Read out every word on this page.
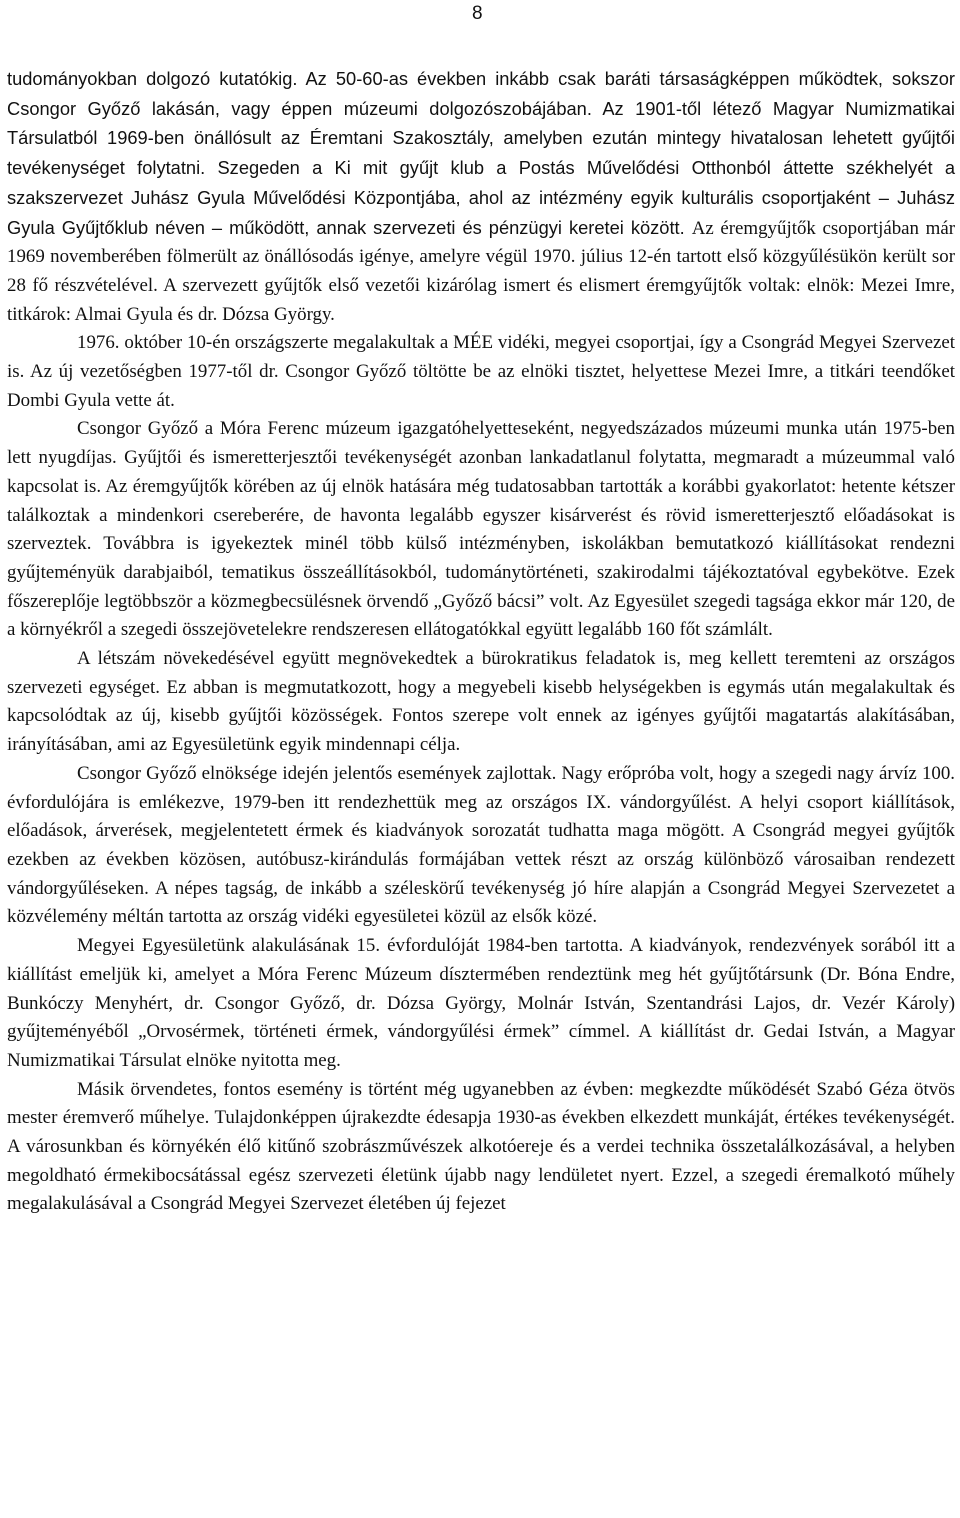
8

tudományokban dolgozó kutatókig. Az 50-60-as években inkább csak baráti társaságképpen működtek, sokszor Csongor Győző lakásán, vagy éppen múzeumi dolgozószobájában. Az 1901-től létező Magyar Numizmatikai Társulatból 1969-ben önállósult az Éremtani Szakosztály, amelyben ezután mintegy hivatalosan lehetett gyűjtői tevékenységet folytatni. Szegeden a Ki mit gyűjt klub a Postás Művelődési Otthonból áttette székhelyét a szakszervezet Juhász Gyula Művelődési Központjába, ahol az intézmény egyik kulturális csoportjaként – Juhász Gyula Gyűjtőklub néven – működött, annak szervezeti és pénzügyi keretei között. Az éremgyűjtők csoportjában már 1969 novemberében fölmerült az önállósodás igénye, amelyre végül 1970. július 12-én tartott első közgyűlésükön került sor 28 fő részvételével. A szervezett gyűjtők első vezetői kizárólag ismert és elismert éremgyűjtők voltak: elnök: Mezei Imre, titkárok: Almai Gyula és dr. Dózsa György.

1976. október 10-én országszerte megalakultak a MÉE vidéki, megyei csoportjai, így a Csongrád Megyei Szervezet is. Az új vezetőségben 1977-től dr. Csongor Győző töltötte be az elnöki tisztet, helyettese Mezei Imre, a titkári teendőket Dombi Gyula vette át.

Csongor Győző a Móra Ferenc múzeum igazgatóhelyetteseként, negyedszázados múzeumi munka után 1975-ben lett nyugdíjas. Gyűjtői és ismeretterjesztői tevékenységét azonban lankadatlanul folytatta, megmaradt a múzeummal való kapcsolat is. Az éremgyűjtők körében az új elnök hatására még tudatosabban tartották a korábbi gyakorlatot: hetente kétszer találkoztak a mindenkori csereberére, de havonta legalább egyszer kisárverést és rövid ismeretterjesztő előadásokat is szerveztek. Továbbra is igyekeztek minél több külső intézményben, iskolákban bemutatkozó kiállításokat rendezni gyűjteményük darabjaiból, tematikus összeállításokból, tudománytörténeti, szakirodalmi tájékoztatóval egybekötve. Ezek főszereplője legtöbbször a közmegbecsülésnek örvendő „Győző bácsi” volt. Az Egyesület szegedi tagsága ekkor már 120, de a környékről a szegedi összejövetelekre rendszeresen ellátogatókkal együtt legalább 160 főt számlált.

A létszám növekedésével együtt megnövekedtek a bürokratikus feladatok is, meg kellett teremteni az országos szervezeti egységet. Ez abban is megmutatkozott, hogy a megyebeli kisebb helységekben is egymás után megalakultak és kapcsolódtak az új, kisebb gyűjtői közösségek. Fontos szerepe volt ennek az igényes gyűjtői magatartás alakításában, irányításában, ami az Egyesületünk egyik mindennapi célja.

Csongor Győző elnöksége idején jelentős események zajlottak. Nagy erőpróba volt, hogy a szegedi nagy árvíz 100. évfordulójára is emlékezve, 1979-ben itt rendezhettük meg az országos IX. vándorgyűlést. A helyi csoport kiállítások, előadások, árverések, megjelentetett érmek és kiadványok sorozatát tudhatta maga mögött. A Csongrád megyei gyűjtők ezekben az években közösen, autóbusz-kirándulás formájában vettek részt az ország különböző városaiban rendezett vándorgyűléseken. A népes tagság, de inkább a széleskörű tevékenység jó híre alapján a Csongrád Megyei Szervezetet a közvélemény méltán tartotta az ország vidéki egyesületei közül az elsők közé.

Megyei Egyesületünk alakulásának 15. évfordulóját 1984-ben tartotta. A kiadványok, rendezvények sorából itt a kiállítást emeljük ki, amelyet a Móra Ferenc Múzeum dísztermében rendeztünk meg hét gyűjtőtársunk (Dr. Bóna Endre, Bunkóczy Menyhért, dr. Csongor Győző, dr. Dózsa György, Molnár István, Szentandrási Lajos, dr. Vezér Károly) gyűjteményéből „Orvosérmek, történeti érmek, vándorgyűlési érmek” címmel. A kiállítást dr. Gedai István, a Magyar Numizmatikai Társulat elnöke nyitotta meg.

Másik örvendetes, fontos esemény is történt még ugyanebben az évben: megkezdte működését Szabó Géza ötvös mester éremverő műhelye. Tulajdonképpen újrakezdte édesapja 1930-as években elkezdett munkáját, értékes tevékenységét. A városunkban és környékén élő kitűnő szobrászművészek alkotóereje és a verdei technika összetalálkozásával, a helyben megoldható érmekibocsátással egész szervezeti életünk újabb nagy lendületet nyert. Ezzel, a szegedi éremalkotó műhely megalakulásával a Csongrád Megyei Szervezet életében új fejezet
